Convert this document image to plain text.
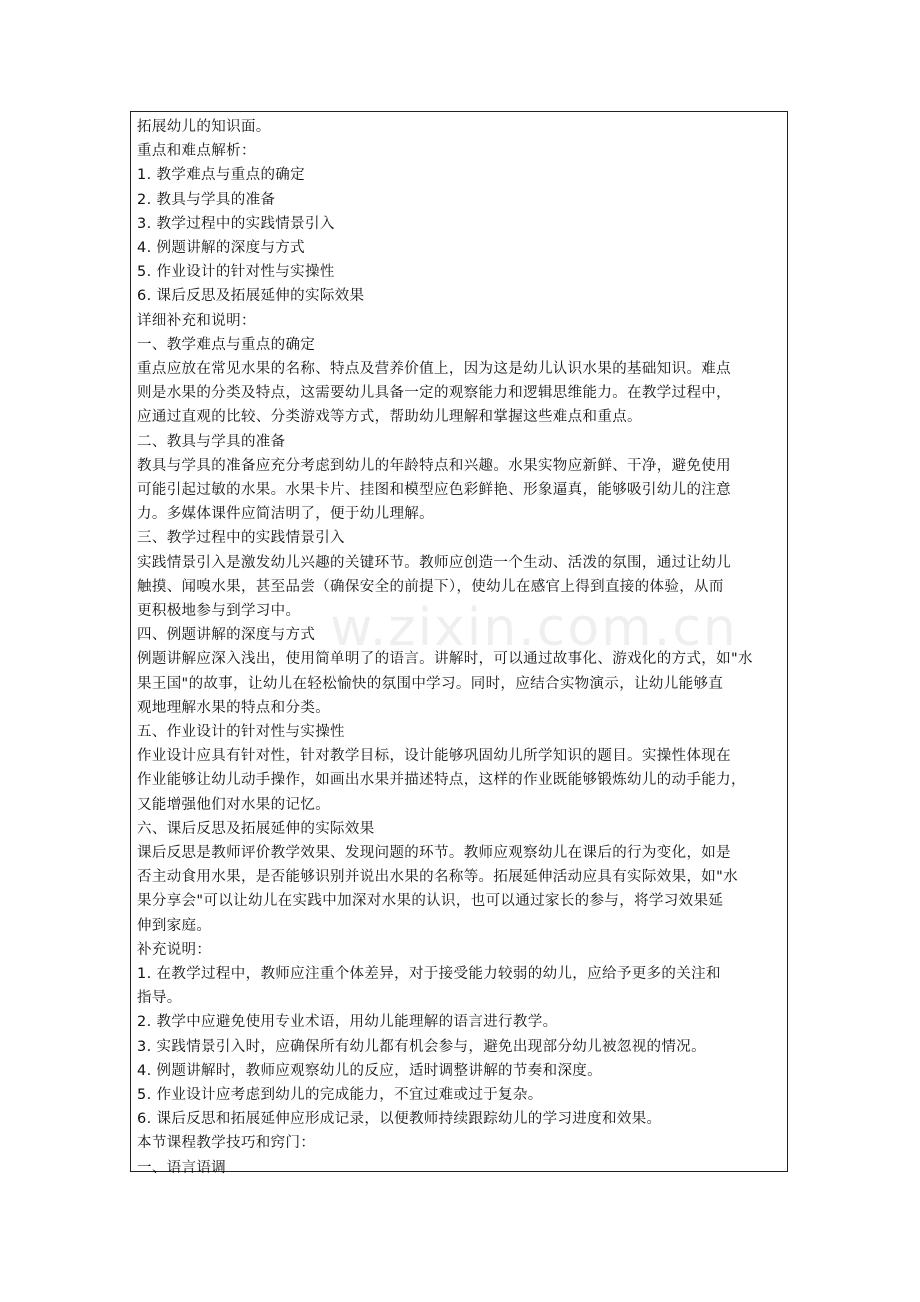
w.zixin.com.cn
拓展幼儿的知识面。
重点和难点解析：
1. 教学难点与重点的确定
2. 教具与学具的准备
3. 教学过程中的实践情景引入
4. 例题讲解的深度与方式
5. 作业设计的针对性与实操性
6. 课后反思及拓展延伸的实际效果
详细补充和说明：
一、教学难点与重点的确定
重点应放在常见水果的名称、特点及营养价值上，因为这是幼儿认识水果的基础知识。难点
则是水果的分类及特点，这需要幼儿具备一定的观察能力和逻辑思维能力。在教学过程中，
应通过直观的比较、分类游戏等方式，帮助幼儿理解和掌握这些难点和重点。
二、教具与学具的准备
教具与学具的准备应充分考虑到幼儿的年龄特点和兴趣。水果实物应新鲜、干净，避免使用
可能引起过敏的水果。水果卡片、挂图和模型应色彩鲜艳、形象逼真，能够吸引幼儿的注意
力。多媒体课件应简洁明了，便于幼儿理解。
三、教学过程中的实践情景引入
实践情景引入是激发幼儿兴趣的关键环节。教师应创造一个生动、活泼的氛围，通过让幼儿
触摸、闻嗅水果，甚至品尝（确保安全的前提下），使幼儿在感官上得到直接的体验，从而
更积极地参与到学习中。
四、例题讲解的深度与方式
例题讲解应深入浅出，使用简单明了的语言。讲解时，可以通过故事化、游戏化的方式，如"水
果王国"的故事，让幼儿在轻松愉快的氛围中学习。同时，应结合实物演示，让幼儿能够直
观地理解水果的特点和分类。
五、作业设计的针对性与实操性
作业设计应具有针对性，针对教学目标，设计能够巩固幼儿所学知识的题目。实操性体现在
作业能够让幼儿动手操作，如画出水果并描述特点，这样的作业既能够锻炼幼儿的动手能力，
又能增强他们对水果的记忆。
六、课后反思及拓展延伸的实际效果
课后反思是教师评价教学效果、发现问题的环节。教师应观察幼儿在课后的行为变化，如是
否主动食用水果，是否能够识别并说出水果的名称等。拓展延伸活动应具有实际效果，如"水
果分享会"可以让幼儿在实践中加深对水果的认识，也可以通过家长的参与，将学习效果延
伸到家庭。
补充说明：
1. 在教学过程中，教师应注重个体差异，对于接受能力较弱的幼儿，应给予更多的关注和
指导。
2. 教学中应避免使用专业术语，用幼儿能理解的语言进行教学。
3. 实践情景引入时，应确保所有幼儿都有机会参与，避免出现部分幼儿被忽视的情况。
4. 例题讲解时，教师应观察幼儿的反应，适时调整讲解的节奏和深度。
5. 作业设计应考虑到幼儿的完成能力，不宜过难或过于复杂。
6. 课后反思和拓展延伸应形成记录，以便教师持续跟踪幼儿的学习进度和效果。
本节课程教学技巧和窍门：
一、语言语调
